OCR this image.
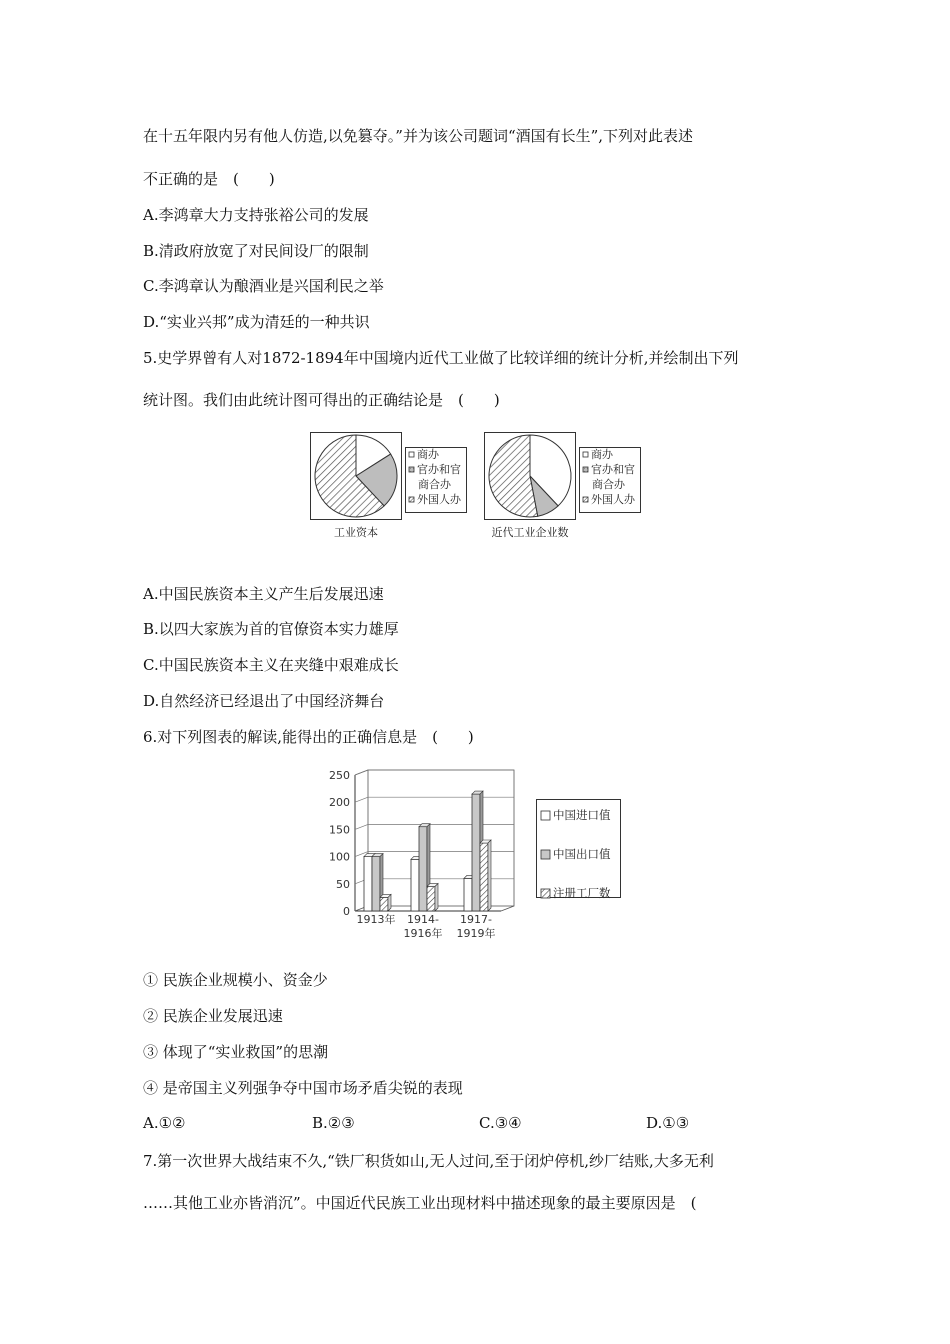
在十五年限内另有他人仿造,以免篡夺。”并为该公司题词“酒国有长生”,下列对此表述
不正确的是　(　　)
A.李鸿章大力支持张裕公司的发展
B.清政府放宽了对民间设厂的限制
C.李鸿章认为酿酒业是兴国利民之举
D.“实业兴邦”成为清廷的一种共识
5.史学界曾有人对1872-1894年中国境内近代工业做了比较详细的统计分析,并绘制出下列
统计图。我们由此统计图可得出的正确结论是　(　　)
商办
官办和官
商合办
外国人办
工业资本
商办
官办和官
商合办
外国人办
近代工业企业数
A.中国民族资本主义产生后发展迅速
B.以四大家族为首的官僚资本实力雄厚
C.中国民族资本主义在夹缝中艰难成长
D.自然经济已经退出了中国经济舞台
6.对下列图表的解读,能得出的正确信息是　(　　)
0
50
100
150
200
250
1913年 1914-
1916年
1917-
1919年
中国进口值
中国出口值
注册工厂数
① 民族企业规模小、资金少
② 民族企业发展迅速
③ 体现了“实业救国”的思潮
④ 是帝国主义列强争夺中国市场矛盾尖锐的表现
A.①②	B.②③	C.③④	D.①③
7.第一次世界大战结束不久,“铁厂积货如山,无人过问,至于闭炉停机,纱厂结账,大多无利
……其他工业亦皆消沉”。中国近代民族工业出现材料中描述现象的最主要原因是　(
